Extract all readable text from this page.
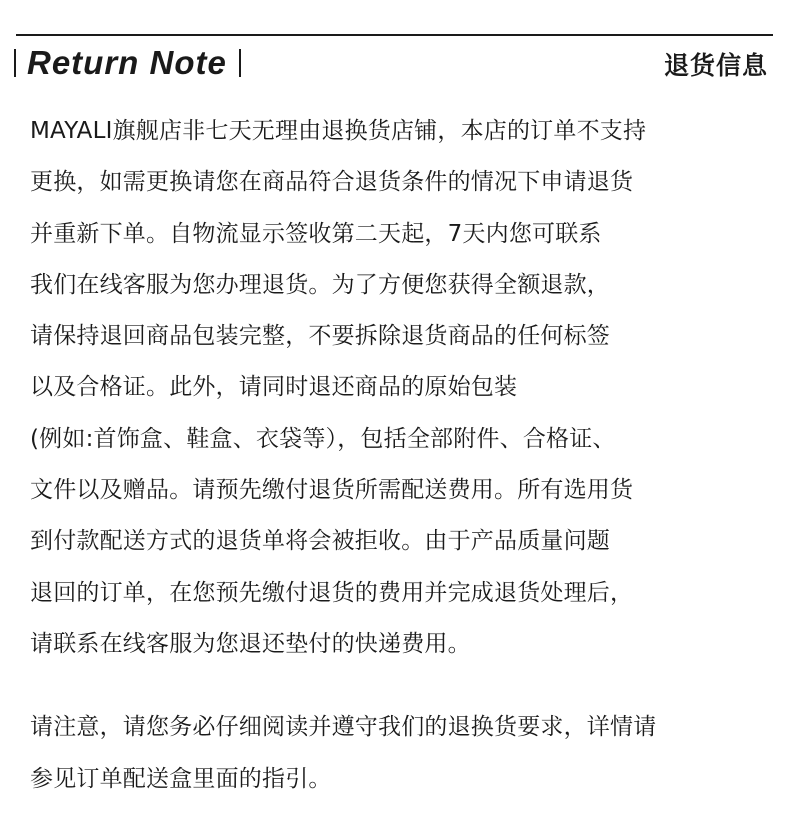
Return Note	退货信息
MAYALI旗舰店非七天无理由退换货店铺，本店的订单不支持
更换，如需更换请您在商品符合退货条件的情况下申请退货
并重新下单。自物流显示签收第二天起，7天内您可联系
我们在线客服为您办理退货。为了方便您获得全额退款，
请保持退回商品包装完整，不要拆除退货商品的任何标签
以及合格证。此外，请同时退还商品的原始包装
(例如:首饰盒、鞋盒、衣袋等），包括全部附件、合格证、
文件以及赠品。请预先缴付退货所需配送费用。所有选用货
到付款配送方式的退货单将会被拒收。由于产品质量问题
退回的订单，在您预先缴付退货的费用并完成退货处理后，
请联系在线客服为您退还垫付的快递费用。
请注意，请您务必仔细阅读并遵守我们的退换货要求，详情请
参见订单配送盒里面的指引。
